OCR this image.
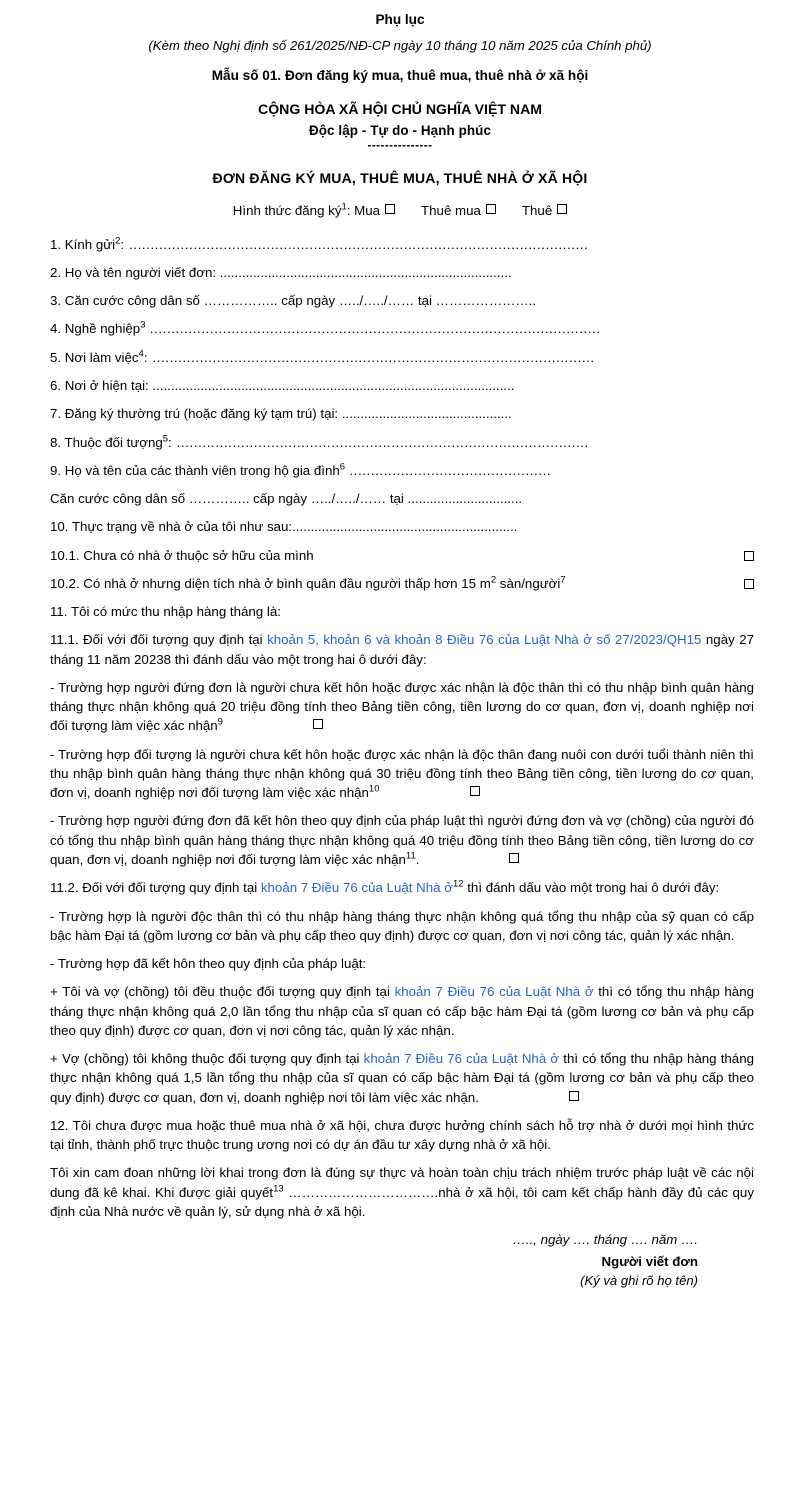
Phụ lục
(Kèm theo Nghị định số 261/2025/NĐ-CP ngày 10 tháng 10 năm 2025 của Chính phủ)
Mẫu số 01. Đơn đăng ký mua, thuê mua, thuê nhà ở xã hội
CỘNG HÒA XÃ HỘI CHỦ NGHĨA VIỆT NAM
Độc lập - Tự do - Hạnh phúc
---------------
ĐƠN ĐĂNG KÝ MUA, THUÊ MUA, THUÊ NHÀ Ở XÃ HỘI
Hình thức đăng $ký^1$: Mua	Thuê mua	Thuê
1. Kính gửi$^2$: ...........................................................................................................
2. Họ và tên người viết đơn: ...............................................................................
3. Căn cước công dân số …………….. cấp ngày …../…../…… tại …………………..
4. Nghề nghiệp$^3$ .........................................................................................................
5. Nơi làm việc$^4$: .......................................................................................................
6. Nơi ở hiện tại: ..................................................................................................
7. Đăng ký thường trú (hoặc đăng ký tạm trú) tại: ..............................................
8. Thuộc đối tượng$^5$: ................................................................................................
9. Họ và tên của các thành viên trong hộ gia đình$^6$ ...............................................
Căn cước công dân số ………….. cấp ngày …../…../…… tại ...............................
10. Thực trạng về nhà ở của tôi như sau:.............................................................
10.1. Chưa có nhà ở thuộc sở hữu của mình
10.2. Có nhà ở nhưng diện tích nhà ở bình quân đầu người thấp hơn 15 $m^2$ sàn/người$^7$
11. Tôi có mức thu nhập hàng tháng là:
11.1. Đối với đối tượng quy định tại khoản 5, khoản 6 và khoản 8 Điều 76 của Luật Nhà ở số 27/2023/QH15 ngày 27 tháng 11 năm 20238 thì đánh dấu vào một trong hai ô dưới đây:
- Trường hợp người đứng đơn là người chưa kết hôn hoặc được xác nhận là độc thân thì có thu nhập bình quân hàng tháng thực nhận không quá 20 triệu đồng tính theo Bảng tiền công, tiền lương do cơ quan, đơn vị, doanh nghiệp nơi đối tượng làm việc xác nhận$^9$
- Trường hợp đối tượng là người chưa kết hôn hoặc được xác nhận là độc thân đang nuôi con dưới tuổi thành niên thì thu nhập bình quân hàng tháng thực nhận không quá 30 triệu đồng tính theo Bảng tiền công, tiền lương do cơ quan, đơn vị, doanh nghiệp nơi đối tượng làm việc xác nhận$^{10}$
- Trường hợp người đứng đơn đã kết hôn theo quy định của pháp luật thì người đứng đơn và vợ (chồng) của người đó có tổng thu nhập bình quân hàng tháng thực nhận không quá 40 triệu đồng tính theo Bảng tiền công, tiền lương do cơ quan, đơn vị, doanh nghiệp nơi đối tượng làm việc xác nhận$^{11}$.
11.2. Đối với đối tượng quy định tại khoản 7 Điều 76 của Luật Nhà ở$^{12}$ thì đánh dấu vào một trong hai ô dưới đây:
- Trường hợp là người độc thân thì có thu nhập hàng tháng thực nhận không quá tổng thu nhập của sỹ quan có cấp bậc hàm Đại tá (gồm lương cơ bản và phụ cấp theo quy định) được cơ quan, đơn vị nơi công tác, quản lý xác nhận.
- Trường hợp đã kết hôn theo quy định của pháp luật:
+ Tôi và vợ (chồng) tôi đều thuộc đối tượng quy định tại khoản 7 Điều 76 của Luật Nhà ở thì có tổng thu nhập hàng tháng thực nhận không quá 2,0 lần tổng thu nhập của sĩ quan có cấp bậc hàm Đại tá (gồm lương cơ bản và phụ cấp theo quy định) được cơ quan, đơn vị nơi công tác, quản lý xác nhận.
+ Vợ (chồng) tôi không thuộc đối tượng quy định tại khoản 7 Điều 76 của Luật Nhà ở thì có tổng thu nhập hàng tháng thực nhận không quá 1,5 lần tổng thu nhập của sĩ quan có cấp bậc hàm Đại tá (gồm lương cơ bản và phụ cấp theo quy định) được cơ quan, đơn vị, doanh nghiệp nơi tôi làm việc xác nhận.
12. Tôi chưa được mua hoặc thuê mua nhà ở xã hội, chưa được hưởng chính sách hỗ trợ nhà ở dưới mọi hình thức tại tỉnh, thành phố trực thuộc trung ương nơi có dự án đầu tư xây dựng nhà ở xã hội.
Tôi xin cam đoan những lời khai trong đơn là đúng sự thực và hoàn toàn chịu trách nhiệm trước pháp luật về các nội dung đã kê khai. Khi được giải quyết$^{13}$ …………………………….nhà ở xã hội, tôi cam kết chấp hành đầy đủ các quy định của Nhà nước về quản lý, sử dụng nhà ở xã hội.
….., ngày …. tháng …. năm ….
Người viết đơn
(Ký và ghi rõ họ tên)
